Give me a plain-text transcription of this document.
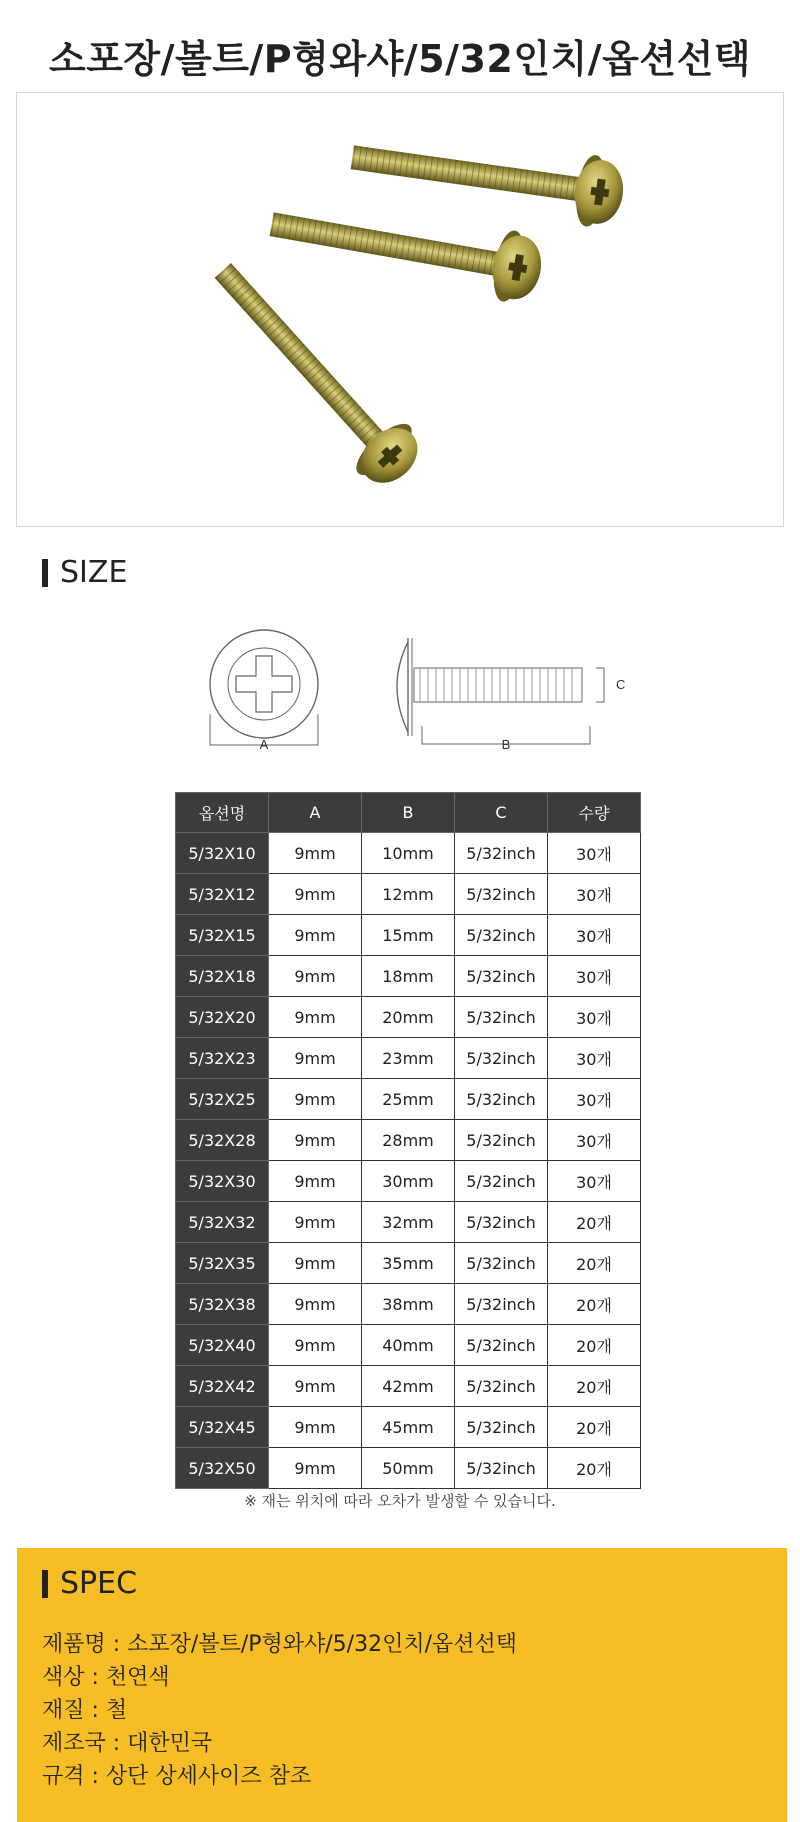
소포장/볼트/P형와샤/5/32인치/옵션선택
SIZE
A	B
C
옵션명	A	B	C	수량
5/32X10	9mm	10mm	5/32inch	30개
5/32X12	9mm	12mm	5/32inch	30개
5/32X15	9mm	15mm	5/32inch	30개
5/32X18	9mm	18mm	5/32inch	30개
5/32X20	9mm	20mm	5/32inch	30개
5/32X23	9mm	23mm	5/32inch	30개
5/32X25	9mm	25mm	5/32inch	30개
5/32X28	9mm	28mm	5/32inch	30개
5/32X30	9mm	30mm	5/32inch	30개
5/32X32	9mm	32mm	5/32inch	20개
5/32X35	9mm	35mm	5/32inch	20개
5/32X38	9mm	38mm	5/32inch	20개
5/32X40	9mm	40mm	5/32inch	20개
5/32X42	9mm	42mm	5/32inch	20개
5/32X45	9mm	45mm	5/32inch	20개
5/32X50	9mm	50mm	5/32inch	20개
※ 재는 위치에 따라 오차가 발생할 수 있습니다.
SPEC
제품명 : 소포장/볼트/P형와샤/5/32인치/옵션선택
색상 : 천연색
재질 : 철
제조국 : 대한민국
규격 : 상단 상세사이즈 참조
